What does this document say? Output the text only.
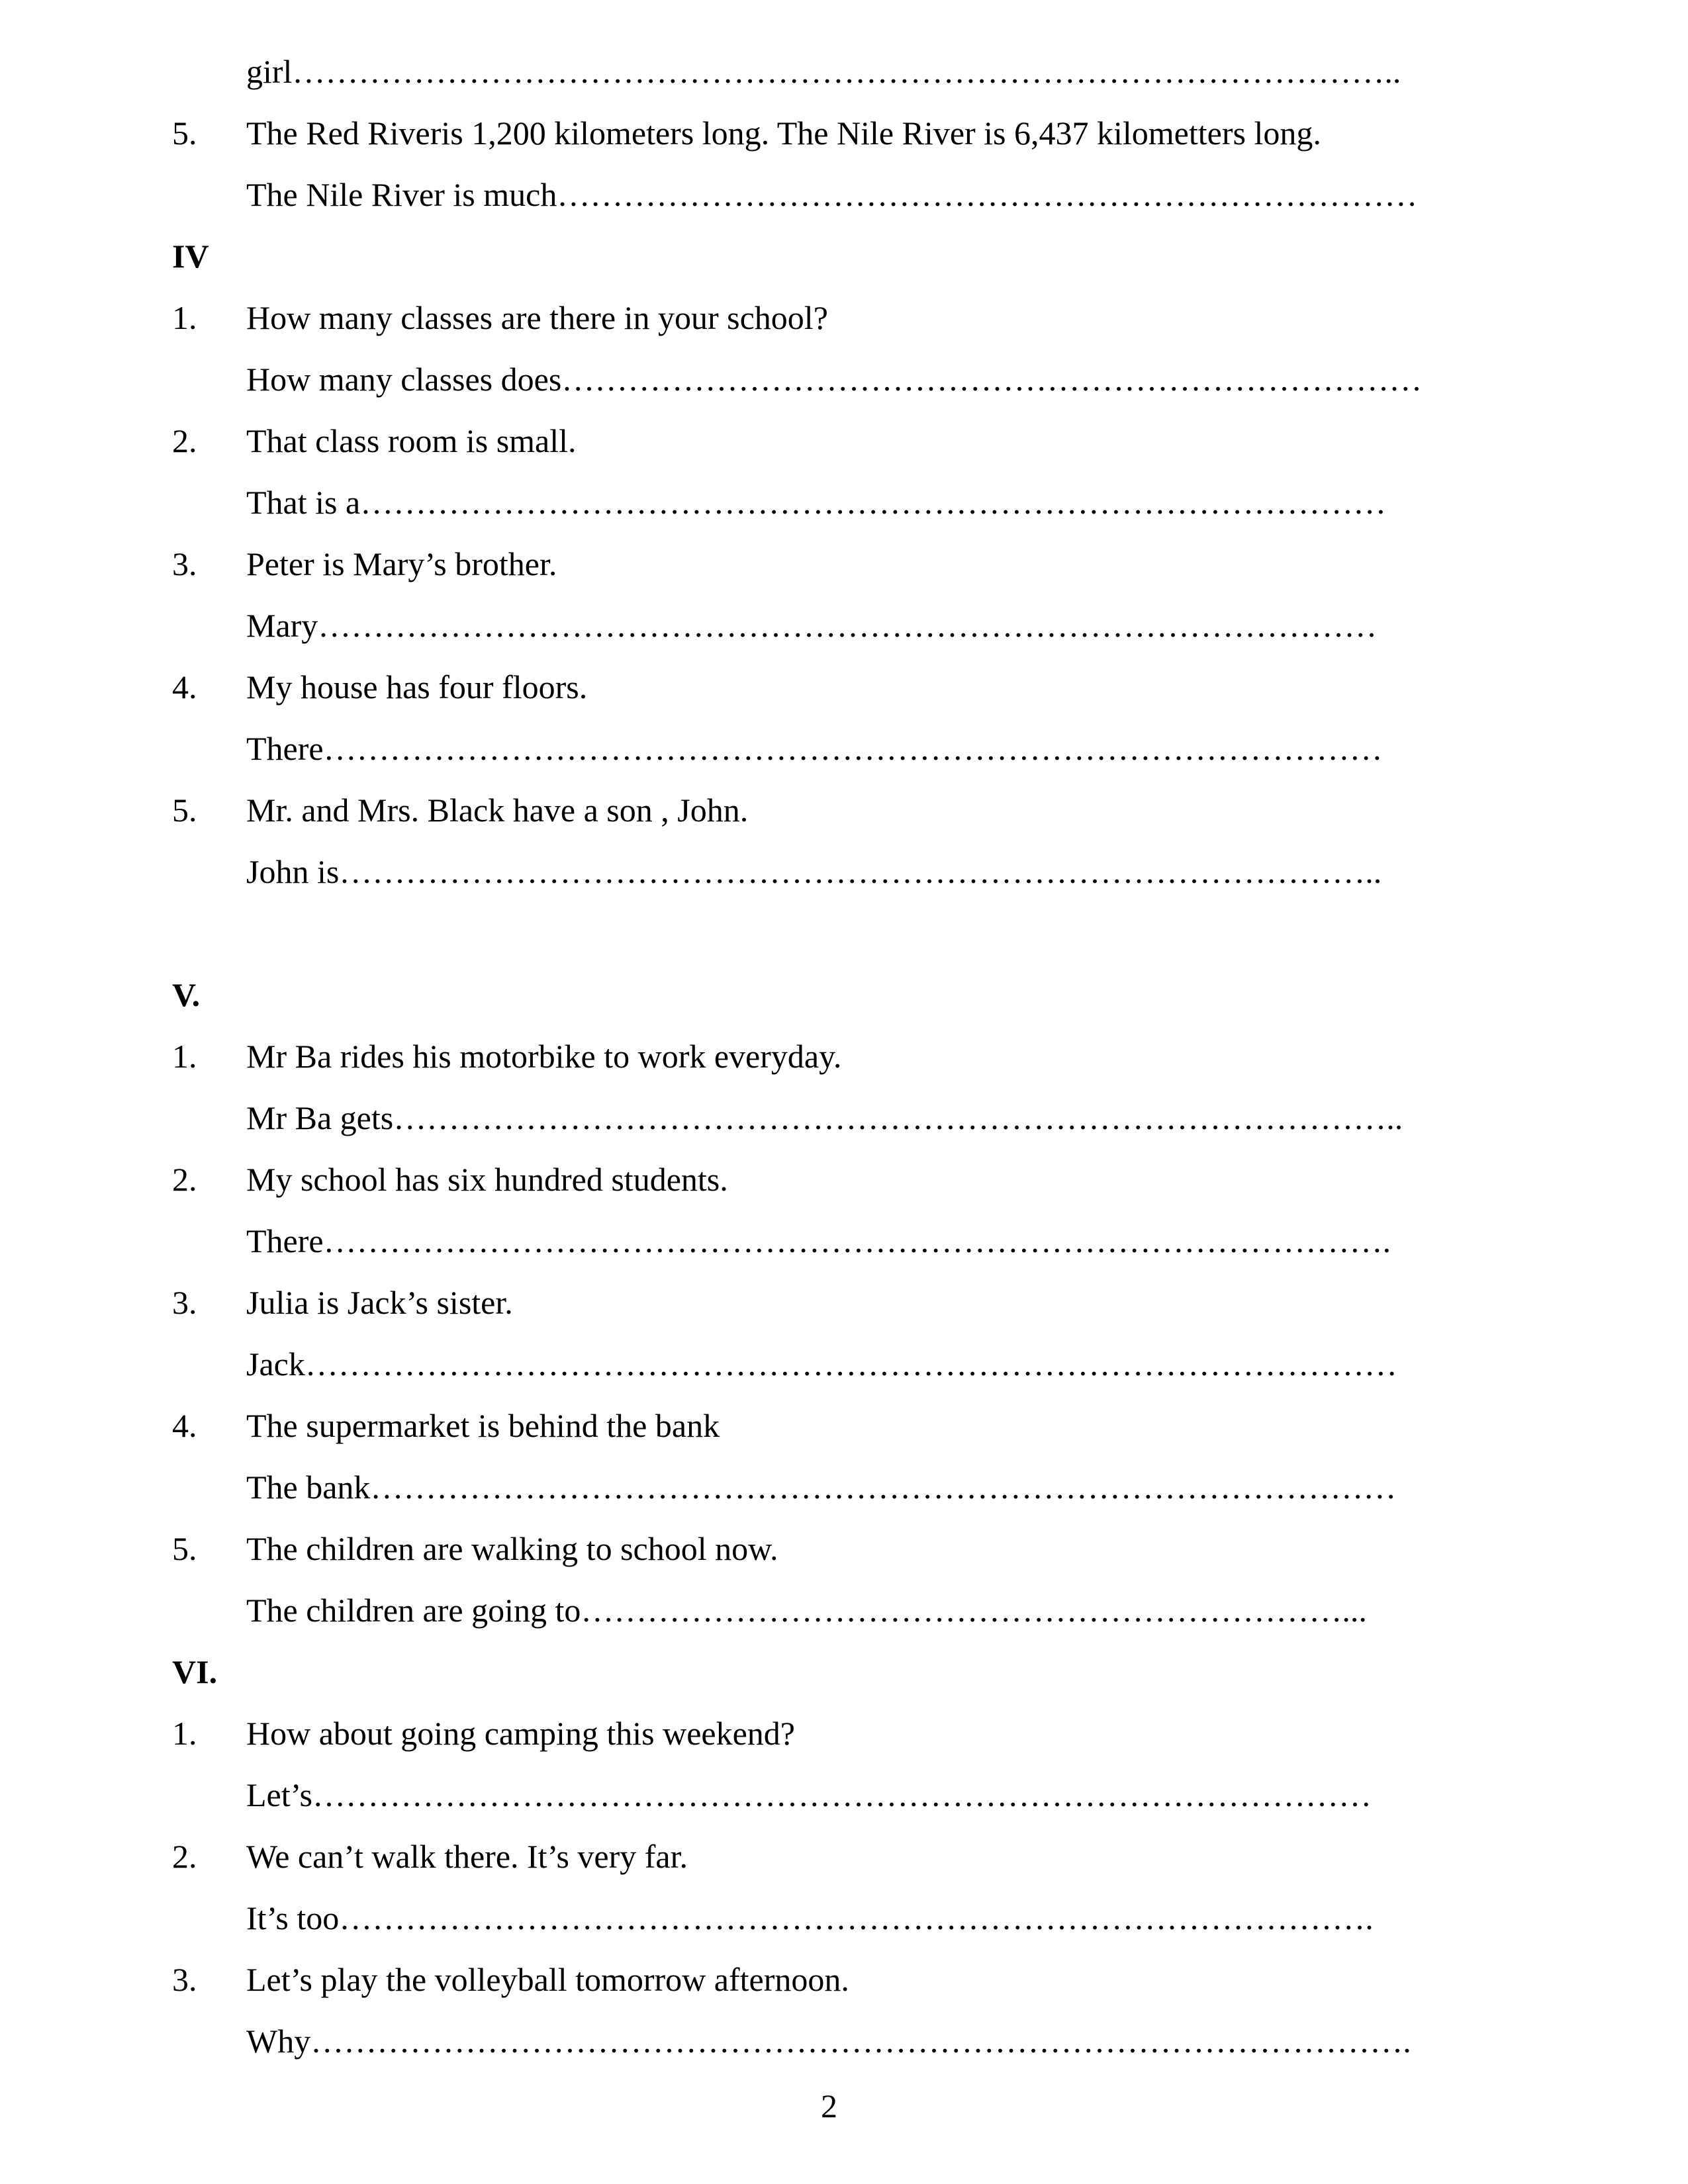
girl………………………………………………………………………………………..
5. The Red Riveris 1,200 kilometers long. The Nile River is 6,437 kilometters long.
The Nile River is much……………………………………………………………………
IV
1. How many classes are there in your school?
How many classes does……………………………………………………………………
2. That class room is small.
That is a…………………………………………………………………………………
3. Peter is Mary’s brother.
Mary……………………………………………………………………………………
4. My house has four floors.
There……………………………………………………………………………………
5. Mr. and Mrs. Black have a son , John.
John is…………………………………………………………………………………..
V.
1. Mr Ba rides his motorbike to work everyday.
Mr Ba gets………………………………………………………………………………..
2. My school has six hundred students.
There…………………………………………………………………………………….
3. Julia is Jack’s sister.
Jack………………………………………………………………………………………
4. The supermarket is behind the bank
The bank…………………………………………………………………………………
5. The children are walking to school now.
The children are going to……………………………………………………………...
VI.
1. How about going camping this weekend?
Let’s……………………………………………………………………………………
2. We can’t walk there. It’s very far.
It’s too………………………………………………………………………………….
3. Let’s play the volleyball tomorrow afternoon.
Why……………………………………………………………………………………….
2
